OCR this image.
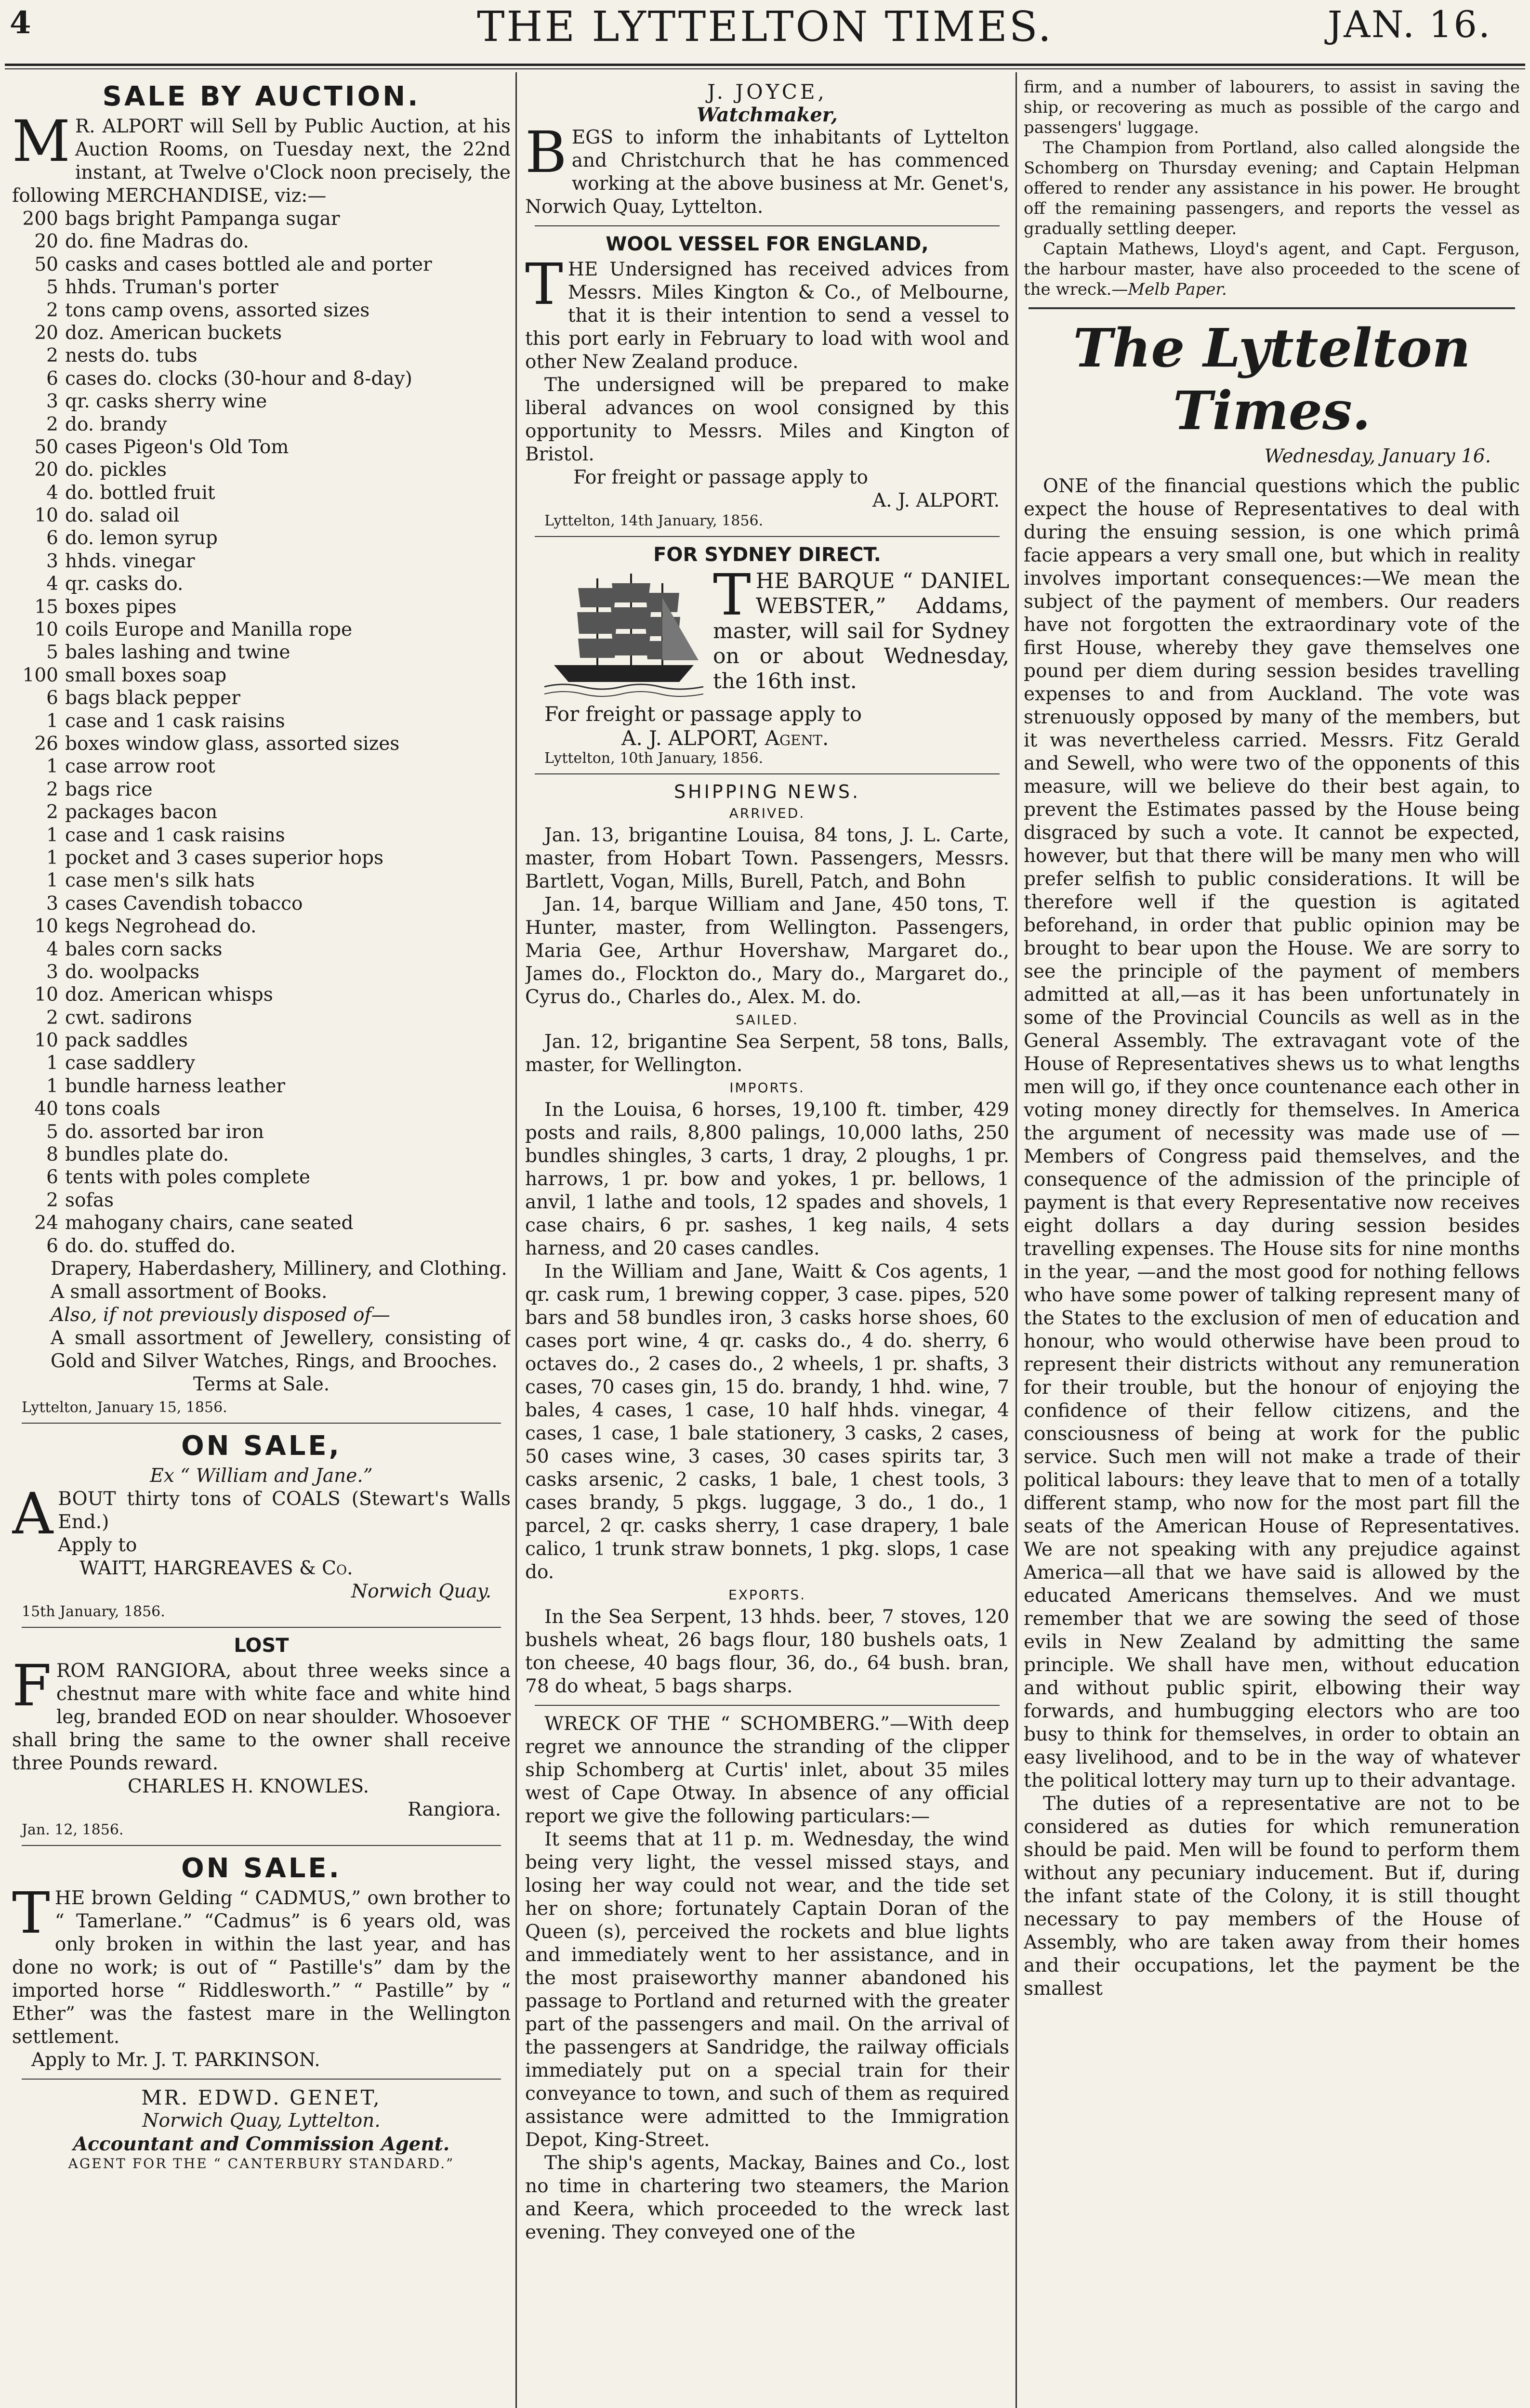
4	THE LYTTELTON TIMES.	JAN. 16.
SALE BY AUCTION.

M R. ALPORT will Sell by Public Auction, at his Auction Rooms, on Tuesday next, the 22nd instant, at Twelve o'Clock noon precisely, the following MERCHANDISE, viz:—

200 bags bright Pampanga sugar
20 do. fine Madras do.
50 casks and cases bottled ale and porter
5 hhds. Truman's porter
2 tons camp ovens, assorted sizes
20 doz. American buckets
2 nests do. tubs
6 cases do. clocks (30-hour and 8-day)
3 qr. casks sherry wine
2 do. brandy
50 cases Pigeon's Old Tom
20 do. pickles
4 do. bottled fruit
10 do. salad oil
6 do. lemon syrup
3 hhds. vinegar
4 qr. casks do.
15 boxes pipes
10 coils Europe and Manilla rope
5 bales lashing and twine
100 small boxes soap
6 bags black pepper
1 case and 1 cask raisins
26 boxes window glass, assorted sizes
1 case arrow root
2 bags rice
2 packages bacon
1 case and 1 cask raisins
1 pocket and 3 cases superior hops
1 case men's silk hats
3 cases Cavendish tobacco
10 kegs Negrohead do.
4 bales corn sacks
3 do. woolpacks
10 doz. American whisps
2 cwt. sadirons
10 pack saddles
1 case saddlery
1 bundle harness leather
40 tons coals
5 do. assorted bar iron
8 bundles plate do.
6 tents with poles complete
2 sofas
24 mahogany chairs, cane seated
6 do. do. stuffed do.

Drapery, Haberdashery, Millinery, and Clothing.

A small assortment of Books.

Also, if not previously disposed of—

A small assortment of Jewellery, consisting of Gold and Silver Watches, Rings, and Brooches.

Terms at Sale.

Lyttelton, January 15, 1856.

ON SALE,

Ex “ William and Jane.”

ABOUT thirty tons of COALS (Stewart's Walls End.)

Apply to

WAITT, HARGREAVES & Co.

Norwich Quay.

15th January, 1856.

LOST

FROM RANGIORA, about three weeks since a chestnut mare with white face and white hind leg, branded EOD on near shoulder. Whosoever shall bring the same to the owner shall receive three Pounds reward.

CHARLES H. KNOWLES.

Rangiora.

Jan. 12, 1856.

ON SALE.

THE brown Gelding “ CADMUS,” own brother to “ Tamerlane.” “Cadmus” is 6 years old, was only broken in within the last year, and has done no work; is out of “ Pastille's” dam by the imported horse “ Riddlesworth.” “ Pastille” by “ Ether” was the fastest mare in the Wellington settlement.

Apply to Mr. J. T. PARKINSON.

MR. EDWD. GENET,

Norwich Quay, Lyttelton.

Accountant and Commission Agent.

AGENT FOR THE “ CANTERBURY STANDARD.”

J. JOYCE,

Watchmaker,

BEGS to inform the inhabitants of Lyttelton and Christchurch that he has commenced working at the above business at Mr. Genet's, Norwich Quay, Lyttelton.

WOOL VESSEL FOR ENGLAND,

THE Undersigned has received advices from Messrs. Miles Kington & Co., of Melbourne, that it is their intention to send a vessel to this port early in February to load with wool and other New Zealand produce.

The undersigned will be prepared to make liberal advances on wool consigned by this opportunity to Messrs. Miles and Kington of Bristol.

For freight or passage apply to

A. J. ALPORT.

Lyttelton, 14th January, 1856.

FOR SYDNEY DIRECT.

THE BARQUE “ DANIEL WEBSTER,” Addams, master, will sail for Sydney on or about Wednesday, the 16th inst.

For freight or passage apply to

A. J. ALPORT, Agent.

Lyttelton, 10th January, 1856.

SHIPPING NEWS.
ARRIVED.

Jan. 13, brigantine Louisa, 84 tons, J. L. Carte, master, from Hobart Town. Passengers, Messrs. Bartlett, Vogan, Mills, Burell, Patch, and Bohn

Jan. 14, barque William and Jane, 450 tons, T. Hunter, master, from Wellington. Passengers, Maria Gee, Arthur Hovershaw, Margaret do., James do., Flockton do., Mary do., Margaret do., Cyrus do., Charles do., Alex. M. do.

SAILED.

Jan. 12, brigantine Sea Serpent, 58 tons, Balls, master, for Wellington.

IMPORTS.

In the Louisa, 6 horses, 19,100 ft. timber, 429 posts and rails, 8,800 palings, 10,000 laths, 250 bundles shingles, 3 carts, 1 dray, 2 ploughs, 1 pr. harrows, 1 pr. bow and yokes, 1 pr. bellows, 1 anvil, 1 lathe and tools, 12 spades and shovels, 1 case chairs, 6 pr. sashes, 1 keg nails, 4 sets harness, and 20 cases candles.

In the William and Jane, Waitt & Cos agents, 1 qr. cask rum, 1 brewing copper, 3 case. pipes, 520 bars and 58 bundles iron, 3 casks horse shoes, 60 cases port wine, 4 qr. casks do., 4 do. sherry, 6 octaves do., 2 cases do., 2 wheels, 1 pr. shafts, 3 cases, 70 cases gin, 15 do. brandy, 1 hhd. wine, 7 bales, 4 cases, 1 case, 10 half hhds. vinegar, 4 cases, 1 case, 1 bale stationery, 3 casks, 2 cases, 50 cases wine, 3 cases, 30 cases spirits tar, 3 casks arsenic, 2 casks, 1 bale, 1 chest tools, 3 cases brandy, 5 pkgs. luggage, 3 do., 1 do., 1 parcel, 2 qr. casks sherry, 1 case drapery, 1 bale calico, 1 trunk straw bonnets, 1 pkg. slops, 1 case do.

EXPORTS.

In the Sea Serpent, 13 hhds. beer, 7 stoves, 120 bushels wheat, 26 bags flour, 180 bushels oats, 1 ton cheese, 40 bags flour, 36, do., 64 bush. bran, 78 do wheat, 5 bags sharps.

WRECK OF THE “ SCHOMBERG.”—With deep regret we announce the stranding of the clipper ship Schomberg at Curtis' inlet, about 35 miles west of Cape Otway. In absence of any official report we give the following particulars:—

It seems that at 11 p. m. Wednesday, the wind being very light, the vessel missed stays, and losing her way could not wear, and the tide set her on shore; fortunately Captain Doran of the Queen (s), perceived the rockets and blue lights and immediately went to her assistance, and in the most praiseworthy manner abandoned his passage to Portland and returned with the greater part of the passengers and mail. On the arrival of the passengers at Sandridge, the railway officials immediately put on a special train for their conveyance to town, and such of them as required assistance were admitted to the Immigration Depot, King-Street.

The ship's agents, Mackay, Baines and Co., lost no time in chartering two steamers, the Marion and Keera, which proceeded to the wreck last evening. They conveyed one of the

firm, and a number of labourers, to assist in saving the ship, or recovering as much as possible of the cargo and passengers' luggage.

The Champion from Portland, also called alongside the Schomberg on Thursday evening; and Captain Helpman offered to render any assistance in his power. He brought off the remaining passengers, and reports the vessel as gradually settling deeper.

Captain Mathews, Lloyd's agent, and Capt. Ferguson, the harbour master, have also proceeded to the scene of the wreck.—Melb Paper.

The Lyttelton Times.

Wednesday, January 16.

ONE of the financial questions which the public expect the house of Representatives to deal with during the ensuing session, is one which primâ facie appears a very small one, but which in reality involves important consequences:—We mean the subject of the payment of members. Our readers have not forgotten the extraordinary vote of the first House, whereby they gave themselves one pound per diem during session besides travelling expenses to and from Auckland. The vote was strenuously opposed by many of the members, but it was nevertheless carried. Messrs. Fitz Gerald and Sewell, who were two of the opponents of this measure, will we believe do their best again, to prevent the Estimates passed by the House being disgraced by such a vote. It cannot be expected, however, but that there will be many men who will prefer selfish to public considerations. It will be therefore well if the question is agitated beforehand, in order that public opinion may be brought to bear upon the House. We are sorry to see the principle of the payment of members admitted at all,—as it has been unfortunately in some of the Provincial Councils as well as in the General Assembly. The extravagant vote of the House of Representatives shews us to what lengths men will go, if they once countenance each other in voting money directly for themselves. In America the argument of necessity was made use of —Members of Congress paid themselves, and the consequence of the admission of the principle of payment is that every Representative now receives eight dollars a day during session besides travelling expenses. The House sits for nine months in the year, —and the most good for nothing fellows who have some power of talking represent many of the States to the exclusion of men of education and honour, who would otherwise have been proud to represent their districts without any remuneration for their trouble, but the honour of enjoying the confidence of their fellow citizens, and the consciousness of being at work for the public service. Such men will not make a trade of their political labours: they leave that to men of a totally different stamp, who now for the most part fill the seats of the American House of Representatives. We are not speaking with any prejudice against America—all that we have said is allowed by the educated Americans themselves. And we must remember that we are sowing the seed of those evils in New Zealand by admitting the same principle. We shall have men, without education and without public spirit, elbowing their way forwards, and humbugging electors who are too busy to think for themselves, in order to obtain an easy livelihood, and to be in the way of whatever the political lottery may turn up to their advantage.

The duties of a representative are not to be considered as duties for which remuneration should be paid. Men will be found to perform them without any pecuniary inducement. But if, during the infant state of the Colony, it is still thought necessary to pay members of the House of Assembly, who are taken away from their homes and their occupations, let the payment be the smallest
